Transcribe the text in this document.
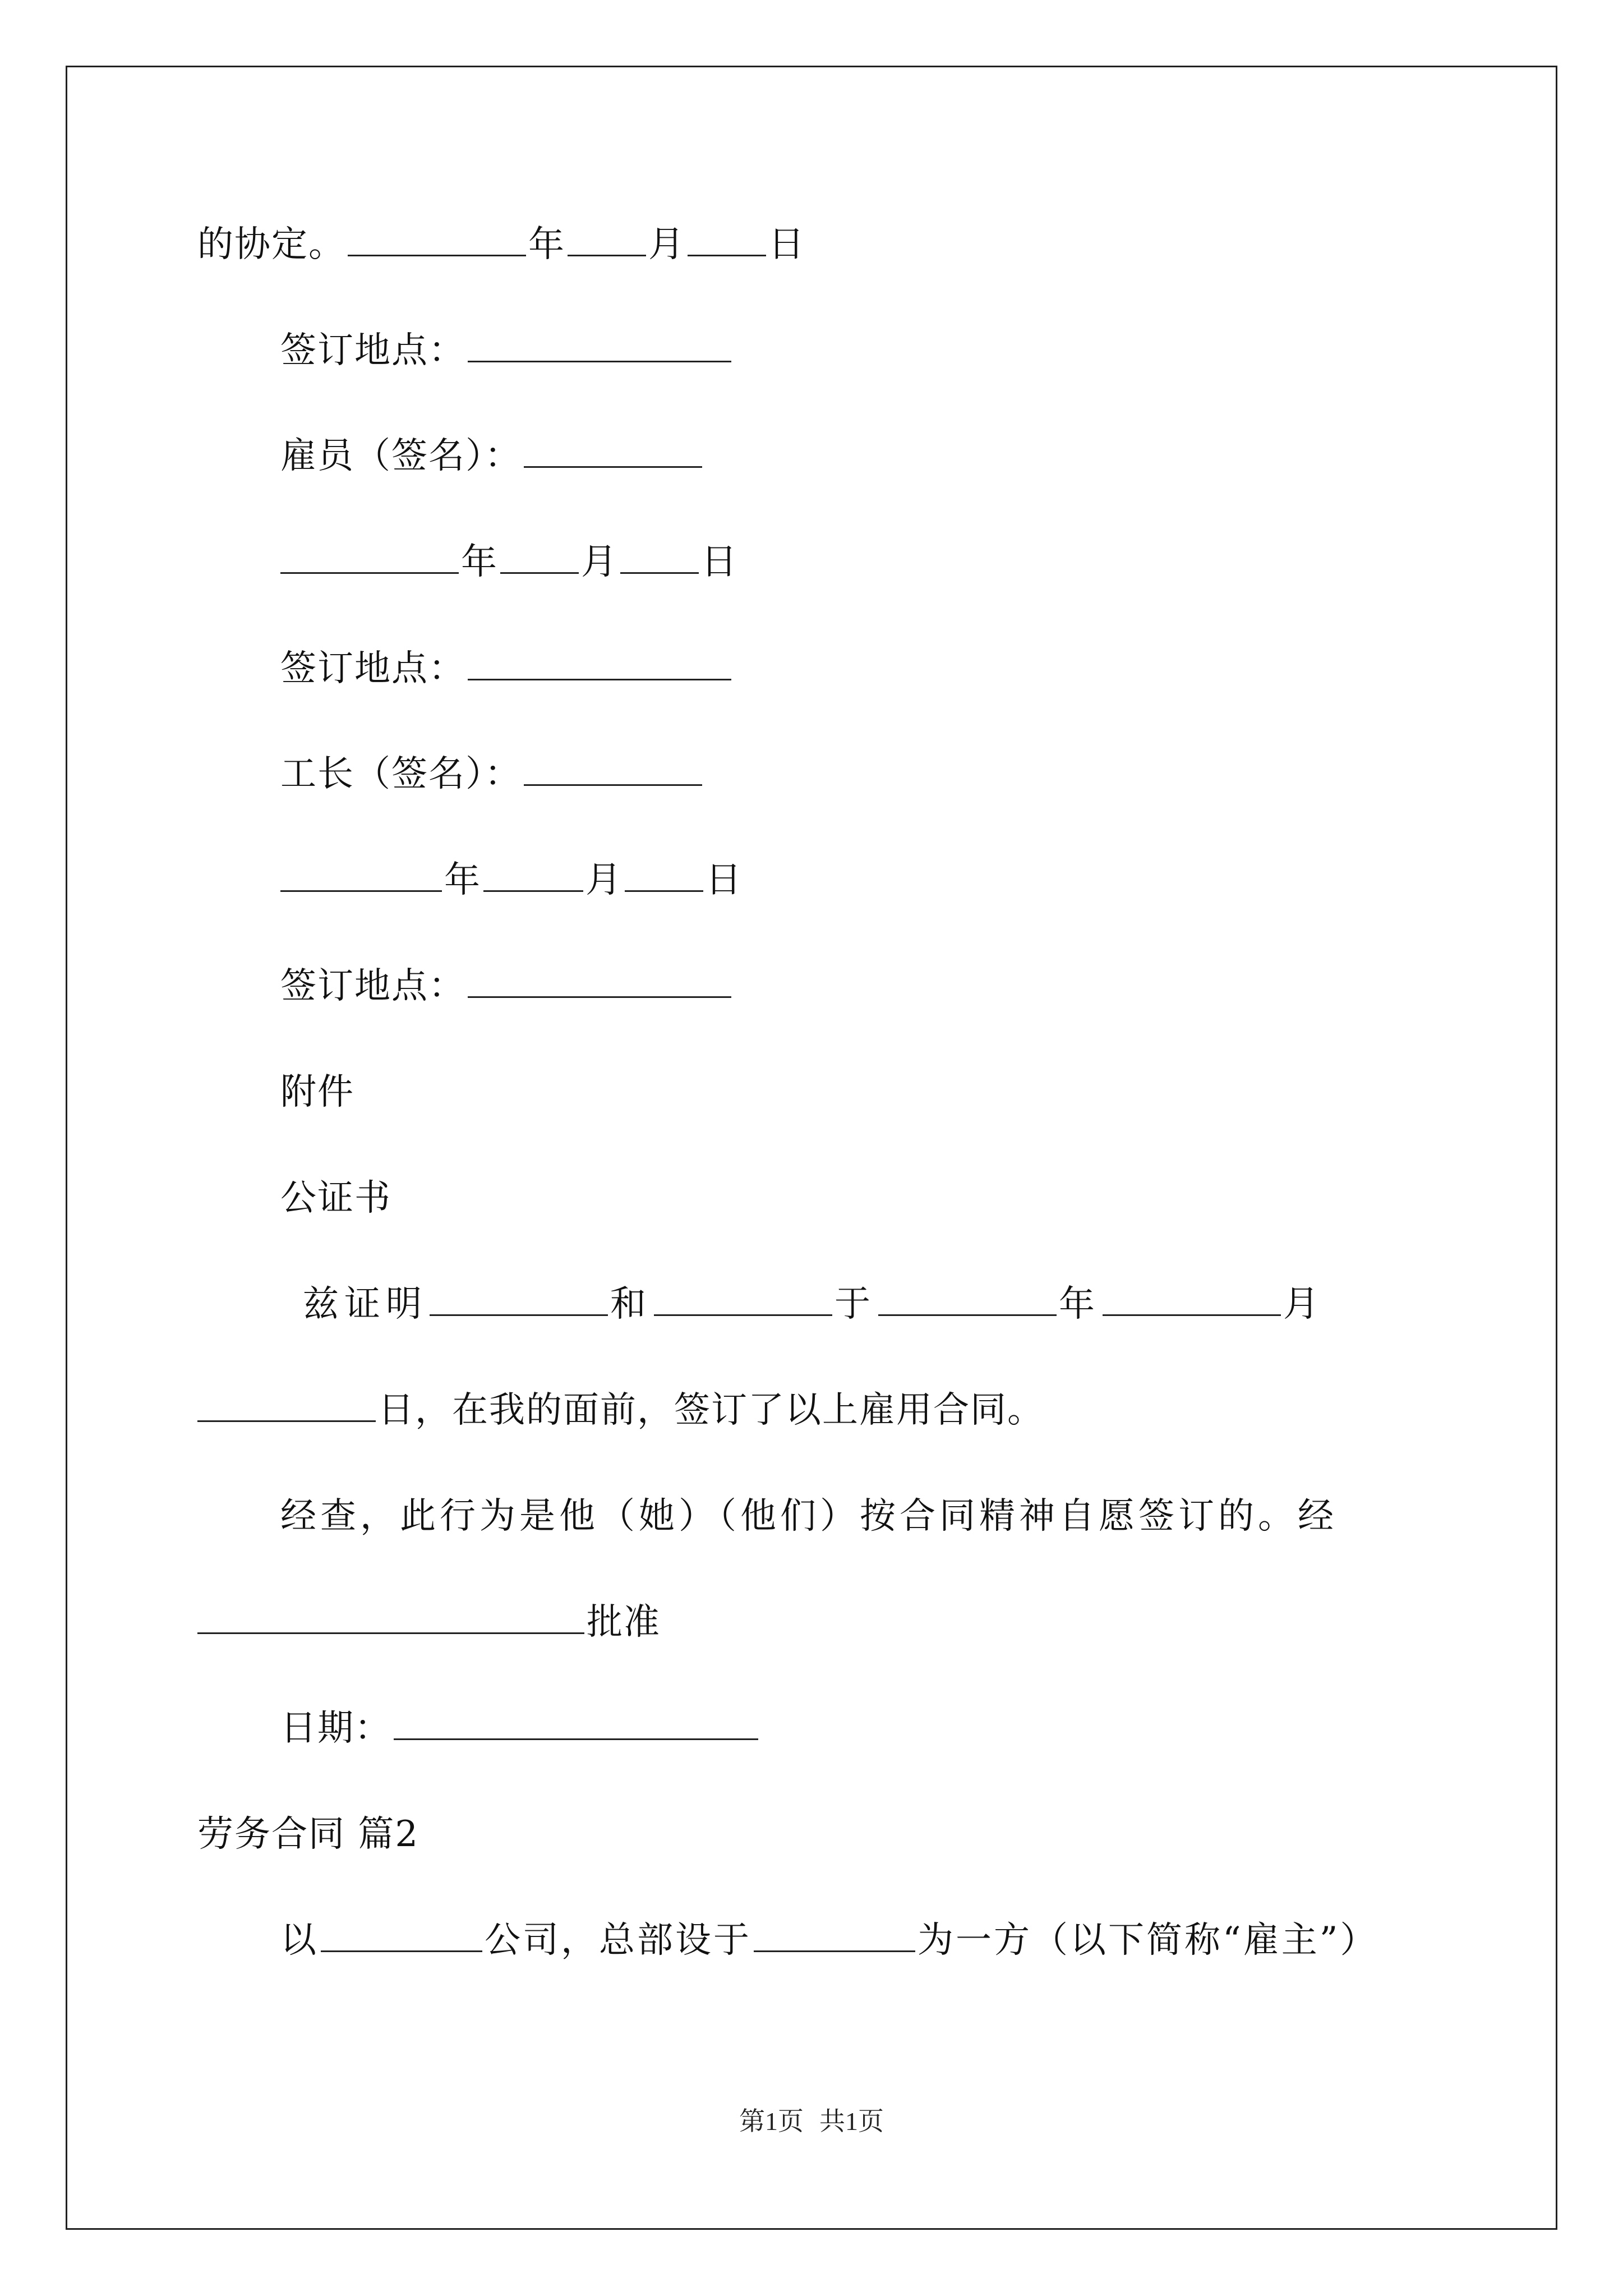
的协定。	年 月 日
签订地点：
雇员（签名）：
年 月 日
签订地点：
工长（签名）：
年	月 日
签订地点：
附件
公证书
兹证明	和	于	年	月
日，在我的面前，签订了以上雇用合同。
经查，此行为是他（她）（他们）按合同精神自愿签订的。经
批准
日期：
劳务合同 篇2
以	公司，总部设于	为一方（以下简称“雇主”）
第1页 共1页
